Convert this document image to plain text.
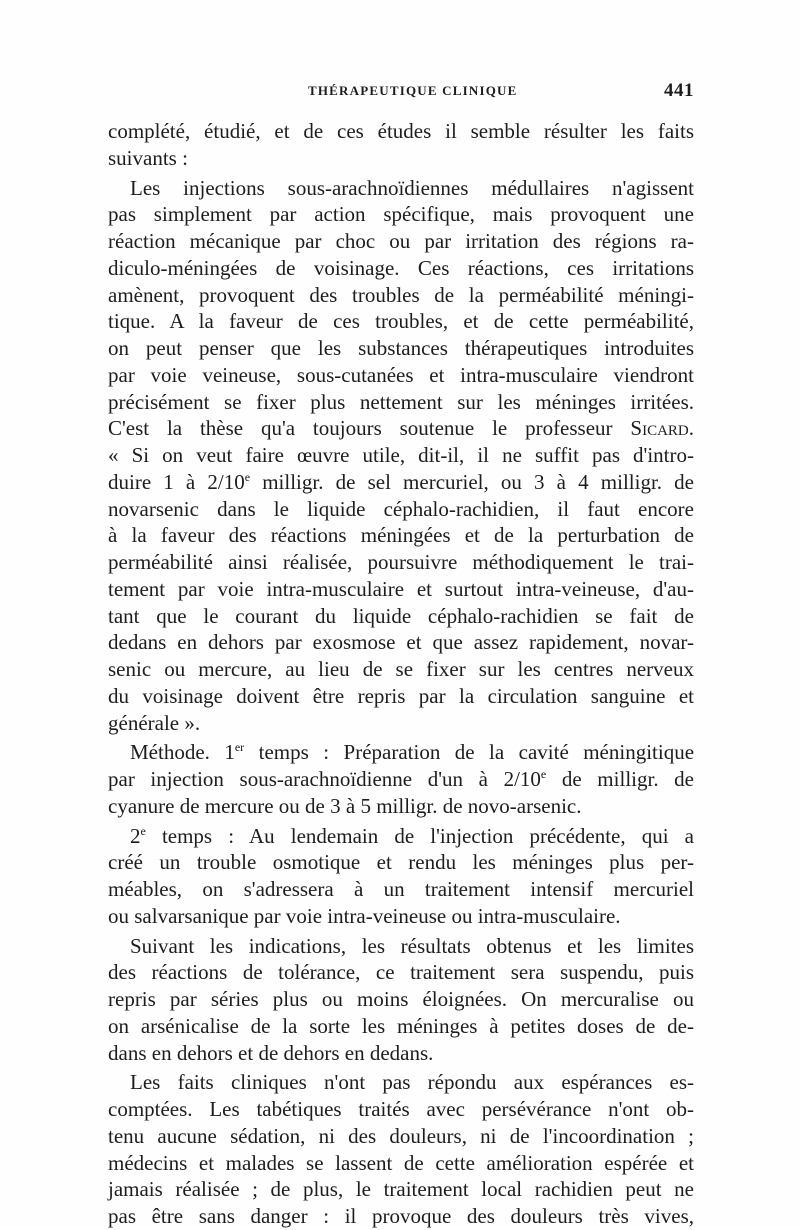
THÉRAPEUTIQUE CLINIQUE	441
complété, étudié, et de ces études il semble résulter les faits
suivants :
Les injections sous-arachnoïdiennes médullaires n'agissent
pas simplement par action spécifique, mais provoquent une
réaction mécanique par choc ou par irritation des régions ra-
diculo-méningées de voisinage. Ces réactions, ces irritations
amènent, provoquent des troubles de la perméabilité méningi-
tique. A la faveur de ces troubles, et de cette perméabilité,
on peut penser que les substances thérapeutiques introduites
par voie veineuse, sous-cutanées et intra-musculaire viendront
précisément se fixer plus nettement sur les méninges irritées.
C'est la thèse qu'a toujours soutenue le professeur Sicard.
« Si on veut faire œuvre utile, dit-il, il ne suffit pas d'intro-
duire 1 à 2/10e milligr. de sel mercuriel, ou 3 à 4 milligr. de
novarsenic dans le liquide céphalo-rachidien, il faut encore
à la faveur des réactions méningées et de la perturbation de
perméabilité ainsi réalisée, poursuivre méthodiquement le trai-
tement par voie intra-musculaire et surtout intra-veineuse, d'au-
tant que le courant du liquide céphalo-rachidien se fait de
dedans en dehors par exosmose et que assez rapidement, novar-
senic ou mercure, au lieu de se fixer sur les centres nerveux
du voisinage doivent être repris par la circulation sanguine et
générale ».
Méthode. 1er temps : Préparation de la cavité méningitique
par injection sous-arachnoïdienne d'un à 2/10e de milligr. de
cyanure de mercure ou de 3 à 5 milligr. de novo-arsenic.
2e temps : Au lendemain de l'injection précédente, qui a
créé un trouble osmotique et rendu les méninges plus per-
méables, on s'adressera à un traitement intensif mercuriel
ou salvarsanique par voie intra-veineuse ou intra-musculaire.
Suivant les indications, les résultats obtenus et les limites
des réactions de tolérance, ce traitement sera suspendu, puis
repris par séries plus ou moins éloignées. On mercuralise ou
on arsénicalise de la sorte les méninges à petites doses de de-
dans en dehors et de dehors en dedans.
Les faits cliniques n'ont pas répondu aux espérances es-
comptées. Les tabétiques traités avec persévérance n'ont ob-
tenu aucune sédation, ni des douleurs, ni de l'incoordination ;
médecins et malades se lassent de cette amélioration espérée et
jamais réalisée ; de plus, le traitement local rachidien peut ne
pas être sans danger : il provoque des douleurs très vives,
